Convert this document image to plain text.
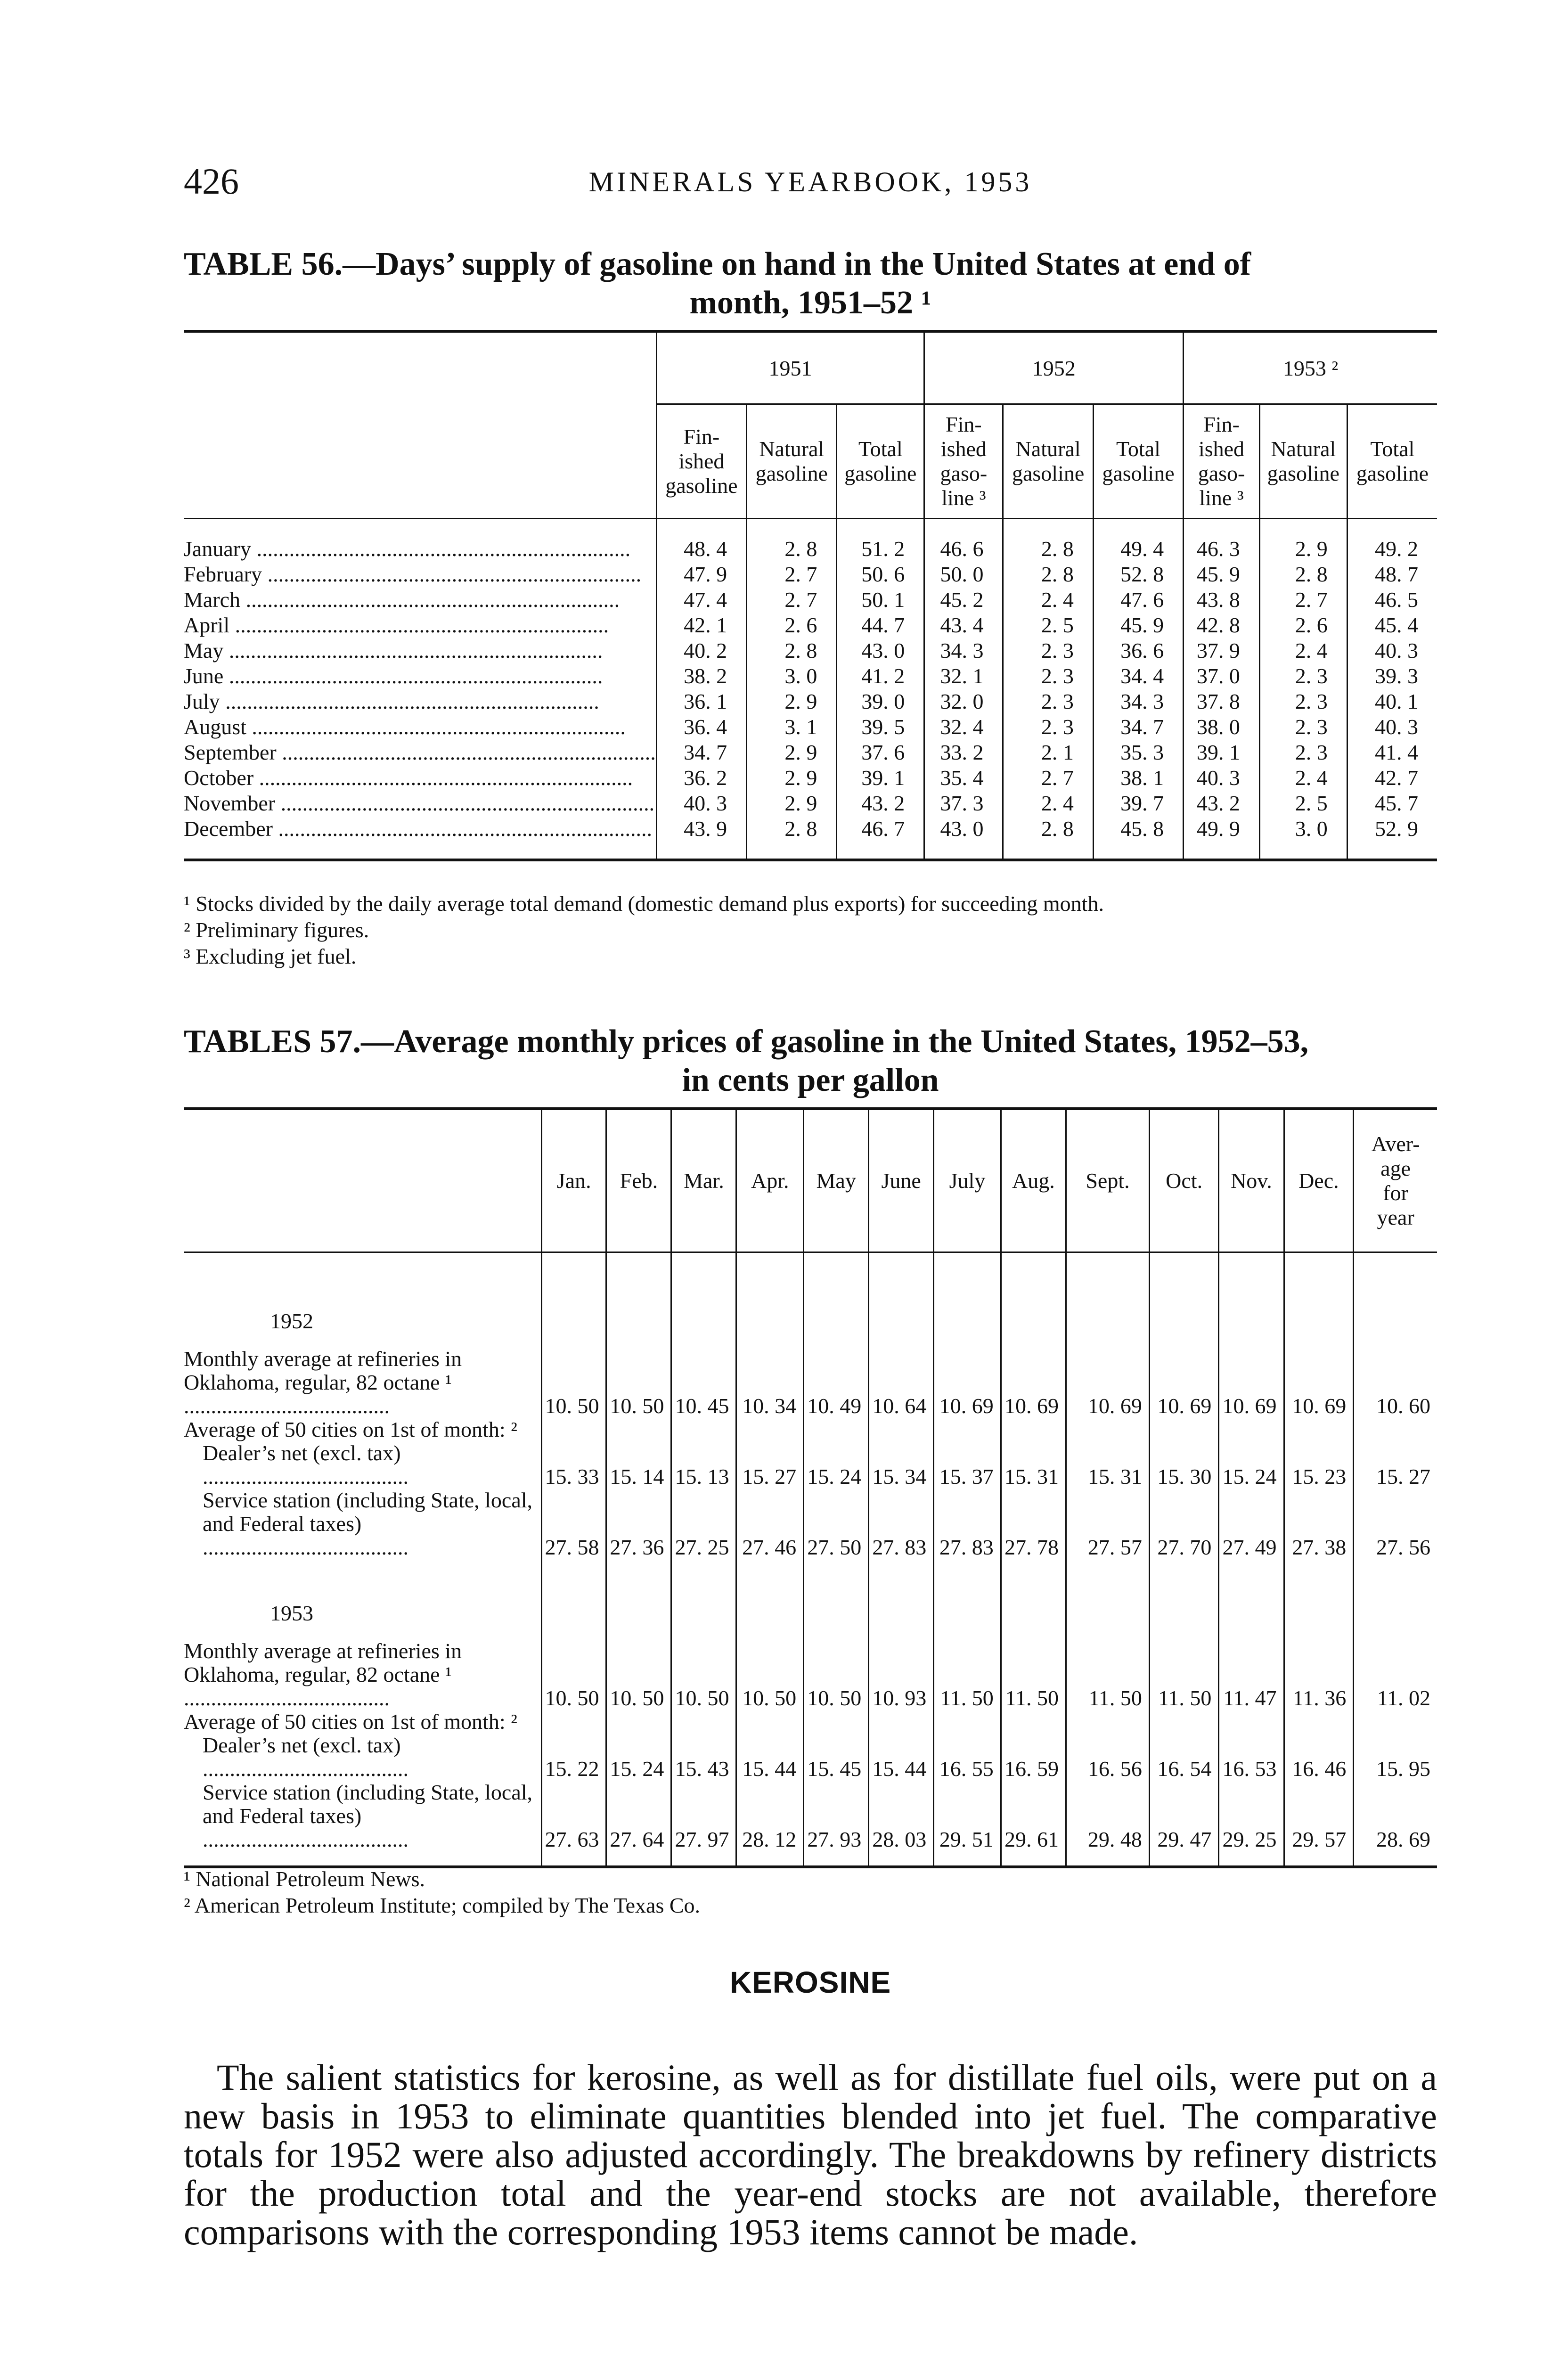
426	MINERALS YEARBOOK, 1953
TABLE 56.—Days’ supply of gasoline on hand in the United States at end of
month, 1951–52 ¹
	1951			1952			1953 ²		
	Fin-
ished
gasoline	Natural
gasoline	Total
gasoline	Fin-
ished
gaso-
line ³	Natural
gasoline	Total
gasoline	Fin-
ished
gaso-
line ³	Natural
gasoline	Total
gasoline

January .....	48. 4	2. 8	51. 2	46. 6	2. 8	49. 4	46. 3	2. 9	49. 2
February .....	47. 9	2. 7	50. 6	50. 0	2. 8	52. 8	45. 9	2. 8	48. 7
March .....	47. 4	2. 7	50. 1	45. 2	2. 4	47. 6	43. 8	2. 7	46. 5
April .....	42. 1	2. 6	44. 7	43. 4	2. 5	45. 9	42. 8	2. 6	45. 4
May .....	40. 2	2. 8	43. 0	34. 3	2. 3	36. 6	37. 9	2. 4	40. 3
June .....	38. 2	3. 0	41. 2	32. 1	2. 3	34. 4	37. 0	2. 3	39. 3
July .....	36. 1	2. 9	39. 0	32. 0	2. 3	34. 3	37. 8	2. 3	40. 1
August .....	36. 4	3. 1	39. 5	32. 4	2. 3	34. 7	38. 0	2. 3	40. 3
September .....	34. 7	2. 9	37. 6	33. 2	2. 1	35. 3	39. 1	2. 3	41. 4
October .....	36. 2	2. 9	39. 1	35. 4	2. 7	38. 1	40. 3	2. 4	42. 7
November .....	40. 3	2. 9	43. 2	37. 3	2. 4	39. 7	43. 2	2. 5	45. 7
December .....	43. 9	2. 8	46. 7	43. 0	2. 8	45. 8	49. 9	3. 0	52. 9

¹ Stocks divided by the daily average total demand (domestic demand plus exports) for succeeding month.
² Preliminary figures.
³ Excluding jet fuel.
TABLES 57.—Average monthly prices of gasoline in the United States, 1952–53,
in cents per gallon
	Jan.	Feb.	Mar.	Apr.	May	June	July	Aug.	Sept.	Oct.	Nov.	Dec.	Aver-
age
for
year

1952													

Monthly average at refineries in Oklahoma, regular, 82 octane ¹ .....	10. 50	10. 50	10. 45	10. 34	10. 49	10. 64	10. 69	10. 69	10. 69	10. 69	10. 69	10. 69	10. 60
Average of 50 cities on 1st of month: ²													
Dealer’s net (excl. tax) .....	15. 33	15. 14	15. 13	15. 27	15. 24	15. 34	15. 37	15. 31	15. 31	15. 30	15. 24	15. 23	15. 27
Service station (including State, local, and Federal taxes) .....	27. 58	27. 36	27. 25	27. 46	27. 50	27. 83	27. 83	27. 78	27. 57	27. 70	27. 49	27. 38	27. 56
1953													

Monthly average at refineries in Oklahoma, regular, 82 octane ¹ .....	10. 50	10. 50	10. 50	10. 50	10. 50	10. 93	11. 50	11. 50	11. 50	11. 50	11. 47	11. 36	11. 02
Average of 50 cities on 1st of month: ²													
Dealer’s net (excl. tax) .....	15. 22	15. 24	15. 43	15. 44	15. 45	15. 44	16. 55	16. 59	16. 56	16. 54	16. 53	16. 46	15. 95
Service station (including State, local, and Federal taxes) .....	27. 63	27. 64	27. 97	28. 12	27. 93	28. 03	29. 51	29. 61	29. 48	29. 47	29. 25	29. 57	28. 69

¹ National Petroleum News.
² American Petroleum Institute; compiled by The Texas Co.
KEROSINE

The salient statistics for kerosine, as well as for distillate fuel oils, were put on a new basis in 1953 to eliminate quantities blended into jet fuel. The comparative totals for 1952 were also adjusted accordingly. The breakdowns by refinery districts for the production total and the year-end stocks are not available, therefore comparisons with the corresponding 1953 items cannot be made.
